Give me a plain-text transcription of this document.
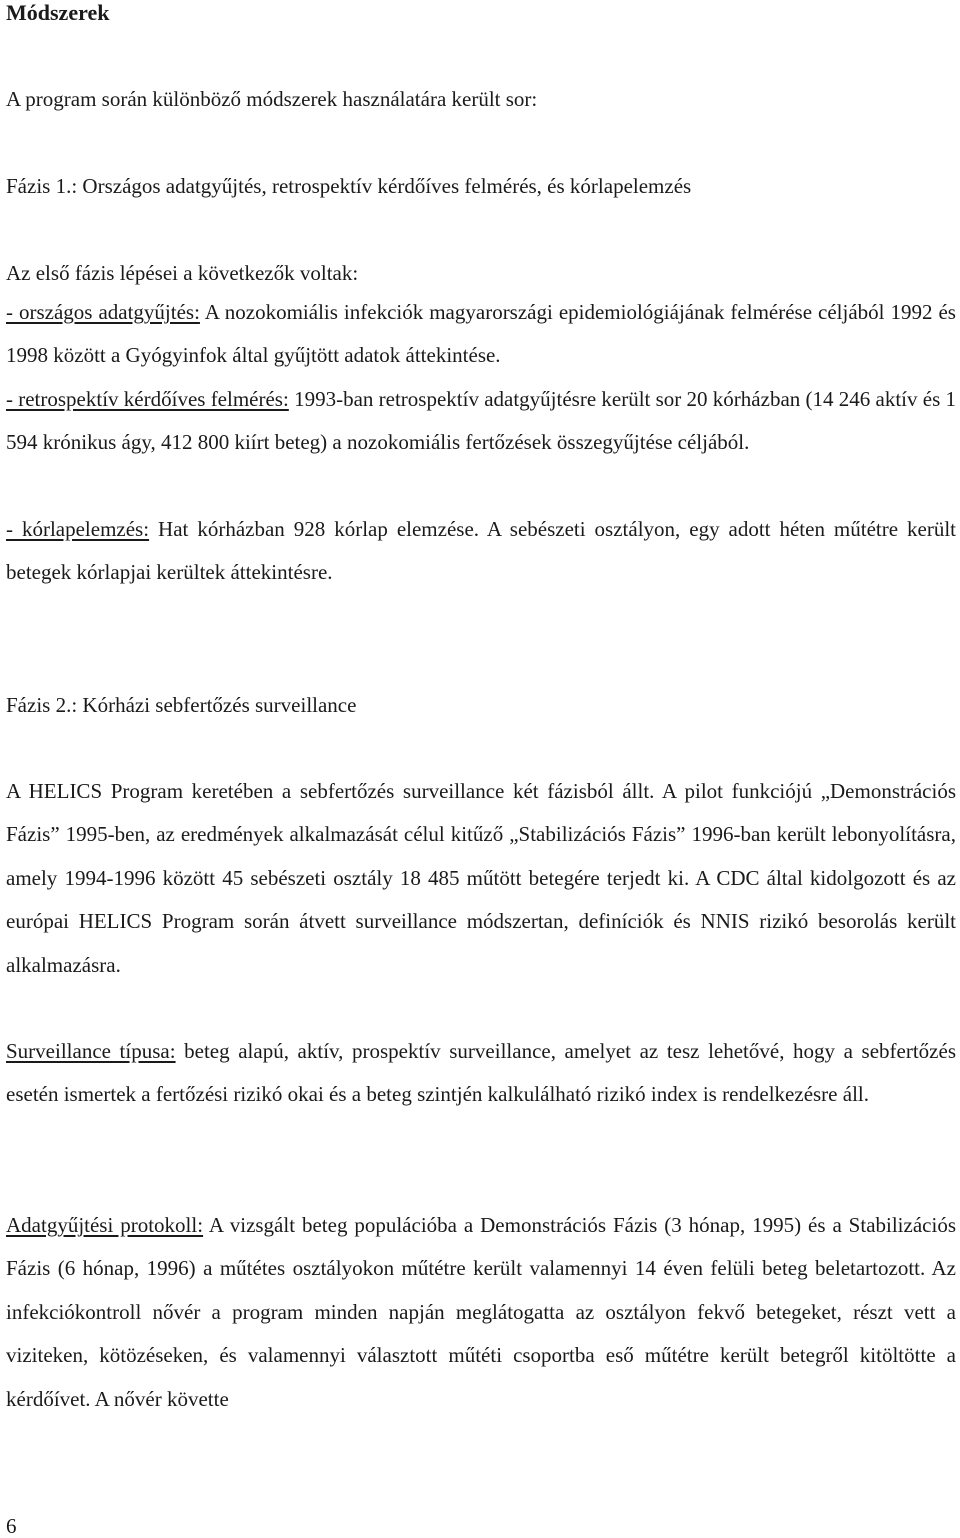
Módszerek

A program során különböző módszerek használatára került sor:

Fázis 1.: Országos adatgyűjtés, retrospektív kérdőíves felmérés, és kórlapelemzés

Az első fázis lépései a következők voltak:

- országos adatgyűjtés: A nozokomiális infekciók magyarországi epidemiológiájának felmérése céljából 1992 és 1998 között a Gyógyinfok által gyűjtött adatok áttekintése.

- retrospektív kérdőíves felmérés: 1993-ban retrospektív adatgyűjtésre került sor 20 kórházban (14 246 aktív és 1 594 krónikus ágy, 412 800 kiírt beteg) a nozokomiális fertőzések összegyűjtése céljából.

- kórlapelemzés: Hat kórházban 928 kórlap elemzése. A sebészeti osztályon, egy adott héten műtétre került betegek kórlapjai kerültek áttekintésre.

Fázis 2.: Kórházi sebfertőzés surveillance

A HELICS Program keretében a sebfertőzés surveillance két fázisból állt. A pilot funkciójú „Demonstrációs Fázis” 1995-ben, az eredmények alkalmazását célul kitűző „Stabilizációs Fázis” 1996-ban került lebonyolításra, amely 1994-1996 között 45 sebészeti osztály 18 485 műtött betegére terjedt ki. A CDC által kidolgozott és az európai HELICS Program során átvett surveillance módszertan, definíciók és NNIS rizikó besorolás került alkalmazásra.

Surveillance típusa: beteg alapú, aktív, prospektív surveillance, amelyet az tesz lehetővé, hogy a sebfertőzés esetén ismertek a fertőzési rizikó okai és a beteg szintjén kalkulálható rizikó index is rendelkezésre áll.

Adatgyűjtési protokoll: A vizsgált beteg populációba a Demonstrációs Fázis (3 hónap, 1995) és a Stabilizációs Fázis (6 hónap, 1996) a műtétes osztályokon műtétre került valamennyi 14 éven felüli beteg beletartozott. Az infekciókontroll nővér a program minden napján meglátogatta az osztályon fekvő betegeket, részt vett a viziteken, kötözéseken, és valamennyi választott műtéti csoportba eső műtétre került betegről kitöltötte a kérdőívet. A nővér követte

6
